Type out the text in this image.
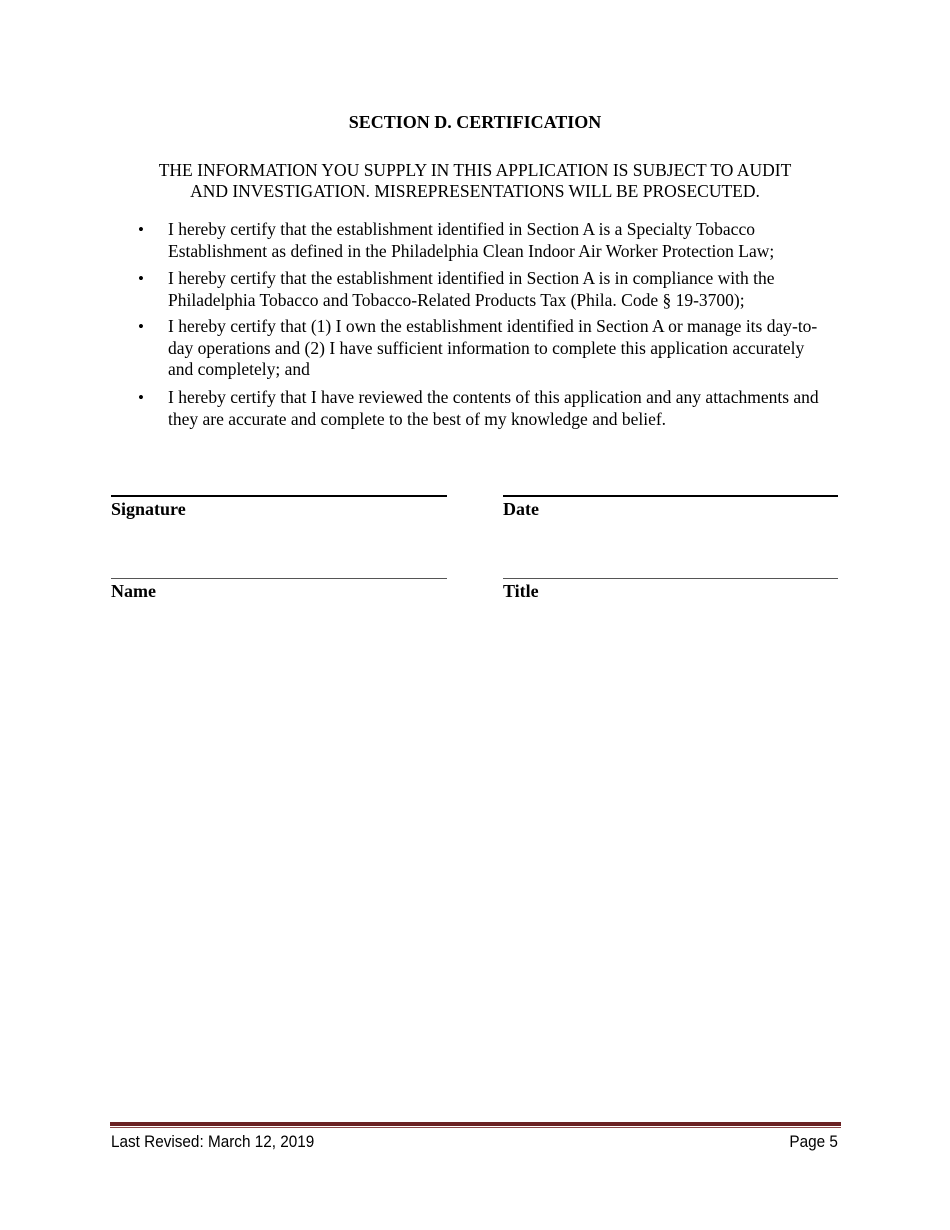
SECTION D. CERTIFICATION
THE INFORMATION YOU SUPPLY IN THIS APPLICATION IS SUBJECT TO AUDIT
AND INVESTIGATION. MISREPRESENTATIONS WILL BE PROSECUTED.
• I hereby certify that the establishment identified in Section A is a Specialty Tobacco Establishment as defined in the Philadelphia Clean Indoor Air Worker Protection Law;
• I hereby certify that the establishment identified in Section A is in compliance with the Philadelphia Tobacco and Tobacco-Related Products Tax (Phila. Code § 19-3700);
• I hereby certify that (1) I own the establishment identified in Section A or manage its day-to-day operations and (2) I have sufficient information to complete this application accurately and completely; and
• I hereby certify that I have reviewed the contents of this application and any attachments and they are accurate and complete to the best of my knowledge and belief.
Signature	Date
Name	Title
Last Revised: March 12, 2019	Page 5
